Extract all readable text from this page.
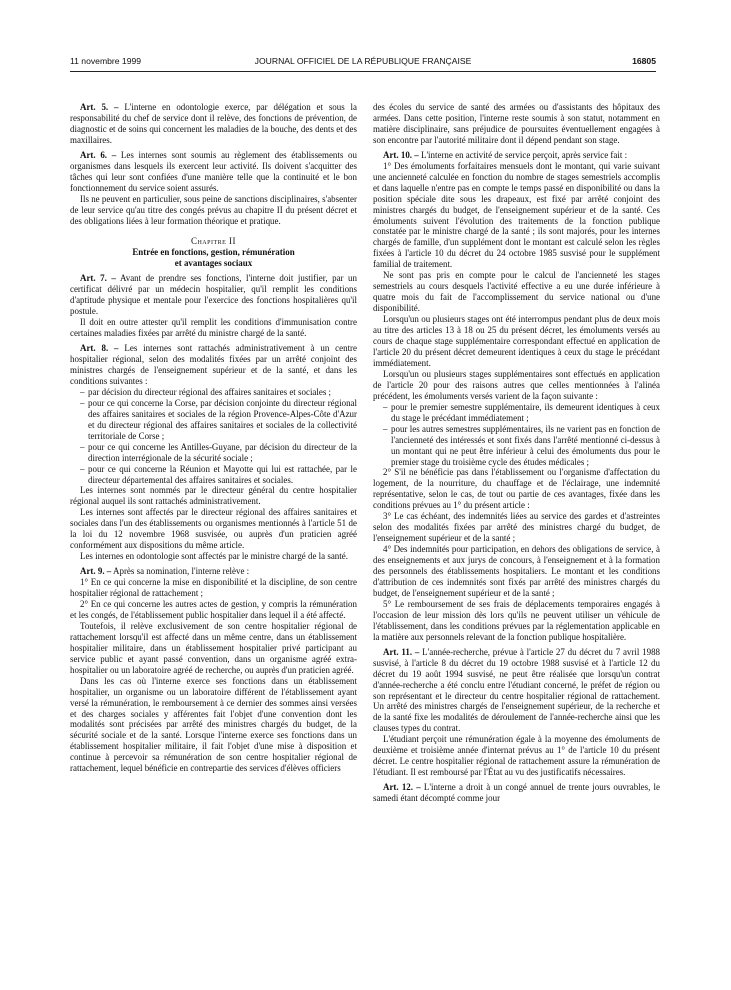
11 novembre 1999	JOURNAL OFFICIEL DE LA RÉPUBLIQUE FRANÇAISE	16805

Art. 5. – L'interne en odontologie exerce, par délégation et sous la responsabilité du chef de service dont il relève, des fonctions de prévention, de diagnostic et de soins qui concernent les maladies de la bouche, des dents et des maxillaires.

Art. 6. – Les internes sont soumis au règlement des établissements ou organismes dans lesquels ils exercent leur activité. Ils doivent s'acquitter des tâches qui leur sont confiées d'une manière telle que la continuité et le bon fonctionnement du service soient assurés.

Ils ne peuvent en particulier, sous peine de sanctions disciplinaires, s'absenter de leur service qu'au titre des congés prévus au chapitre II du présent décret et des obligations liées à leur formation théorique et pratique.

Chapitre II

Entrée en fonctions, gestion, rémunération
et avantages sociaux

Art. 7. – Avant de prendre ses fonctions, l'interne doit justifier, par un certificat délivré par un médecin hospitalier, qu'il remplit les conditions d'aptitude physique et mentale pour l'exercice des fonctions hospitalières qu'il postule.

Il doit en outre attester qu'il remplit les conditions d'immunisation contre certaines maladies fixées par arrêté du ministre chargé de la santé.

Art. 8. – Les internes sont rattachés administrativement à un centre hospitalier régional, selon des modalités fixées par un arrêté conjoint des ministres chargés de l'enseignement supérieur et de la santé, et dans les conditions suivantes :

– par décision du directeur régional des affaires sanitaires et sociales ;
– pour ce qui concerne la Corse, par décision conjointe du directeur régional des affaires sanitaires et sociales de la région Provence-Alpes-Côte d'Azur et du directeur régional des affaires sanitaires et sociales de la collectivité territoriale de Corse ;
– pour ce qui concerne les Antilles-Guyane, par décision du directeur de la direction interrégionale de la sécurité sociale ;
– pour ce qui concerne la Réunion et Mayotte qui lui est rattachée, par le directeur départemental des affaires sanitaires et sociales.

Les internes sont nommés par le directeur général du centre hospitalier régional auquel ils sont rattachés administrativement.

Les internes sont affectés par le directeur régional des affaires sanitaires et sociales dans l'un des établissements ou organismes mentionnés à l'article 51 de la loi du 12 novembre 1968 susvisée, ou auprès d'un praticien agréé conformément aux dispositions du même article.

Les internes en odontologie sont affectés par le ministre chargé de la santé.

Art. 9. – Après sa nomination, l'interne relève :

1° En ce qui concerne la mise en disponibilité et la discipline, de son centre hospitalier régional de rattachement ;

2° En ce qui concerne les autres actes de gestion, y compris la rémunération et les congés, de l'établissement public hospitalier dans lequel il a été affecté.

Toutefois, il relève exclusivement de son centre hospitalier régional de rattachement lorsqu'il est affecté dans un même centre, dans un établissement hospitalier militaire, dans un établissement hospitalier privé participant au service public et ayant passé convention, dans un organisme agréé extra-hospitalier ou un laboratoire agréé de recherche, ou auprès d'un praticien agréé.

Dans les cas où l'interne exerce ses fonctions dans un établissement hospitalier, un organisme ou un laboratoire différent de l'établissement ayant versé la rémunération, le remboursement à ce dernier des sommes ainsi versées et des charges sociales y afférentes fait l'objet d'une convention dont les modalités sont précisées par arrêté des ministres chargés du budget, de la sécurité sociale et de la santé. Lorsque l'interne exerce ses fonctions dans un établissement hospitalier militaire, il fait l'objet d'une mise à disposition et continue à percevoir sa rémunération de son centre hospitalier régional de rattachement, lequel bénéficie en contrepartie des services d'élèves officiers

des écoles du service de santé des armées ou d'assistants des hôpitaux des armées. Dans cette position, l'interne reste soumis à son statut, notamment en matière disciplinaire, sans préjudice de poursuites éventuellement engagées à son encontre par l'autorité militaire dont il dépend pendant son stage.

Art. 10. – L'interne en activité de service perçoit, après service fait :

1° Des émoluments forfaitaires mensuels dont le montant, qui varie suivant une ancienneté calculée en fonction du nombre de stages semestriels accomplis et dans laquelle n'entre pas en compte le temps passé en disponibilité ou dans la position spéciale dite sous les drapeaux, est fixé par arrêté conjoint des ministres chargés du budget, de l'enseignement supérieur et de la santé. Ces émoluments suivent l'évolution des traitements de la fonction publique constatée par le ministre chargé de la santé ; ils sont majorés, pour les internes chargés de famille, d'un supplément dont le montant est calculé selon les règles fixées à l'article 10 du décret du 24 octobre 1985 susvisé pour le supplément familial de traitement.

Ne sont pas pris en compte pour le calcul de l'ancienneté les stages semestriels au cours desquels l'activité effective a eu une durée inférieure à quatre mois du fait de l'accomplissement du service national ou d'une disponibilité.

Lorsqu'un ou plusieurs stages ont été interrompus pendant plus de deux mois au titre des articles 13 à 18 ou 25 du présent décret, les émoluments versés au cours de chaque stage supplémentaire correspondant effectué en application de l'article 20 du présent décret demeurent identiques à ceux du stage le précédant immédiatement.

Lorsqu'un ou plusieurs stages supplémentaires sont effectués en application de l'article 20 pour des raisons autres que celles mentionnées à l'alinéa précédent, les émoluments versés varient de la façon suivante :

– pour le premier semestre supplémentaire, ils demeurent identiques à ceux du stage le précédant immédiatement ;
– pour les autres semestres supplémentaires, ils ne varient pas en fonction de l'ancienneté des intéressés et sont fixés dans l'arrêté mentionné ci-dessus à un montant qui ne peut être inférieur à celui des émoluments dus pour le premier stage du troisième cycle des études médicales ;

2° S'il ne bénéficie pas dans l'établissement ou l'organisme d'affectation du logement, de la nourriture, du chauffage et de l'éclairage, une indemnité représentative, selon le cas, de tout ou partie de ces avantages, fixée dans les conditions prévues au 1° du présent article :

3° Le cas échéant, des indemnités liées au service des gardes et d'astreintes selon des modalités fixées par arrêté des ministres chargé du budget, de l'enseignement supérieur et de la santé ;

4° Des indemnités pour participation, en dehors des obligations de service, à des enseignements et aux jurys de concours, à l'enseignement et à la formation des personnels des établissements hospitaliers. Le montant et les conditions d'attribution de ces indemnités sont fixés par arrêté des ministres chargés du budget, de l'enseignement supérieur et de la santé ;

5° Le remboursement de ses frais de déplacements temporaires engagés à l'occasion de leur mission dès lors qu'ils ne peuvent utiliser un véhicule de l'établissement, dans les conditions prévues par la réglementation applicable en la matière aux personnels relevant de la fonction publique hospitalière.

Art. 11. – L'année-recherche, prévue à l'article 27 du décret du 7 avril 1988 susvisé, à l'article 8 du décret du 19 octobre 1988 susvisé et à l'article 12 du décret du 19 août 1994 susvisé, ne peut être réalisée que lorsqu'un contrat d'année-recherche a été conclu entre l'étudiant concerné, le préfet de région ou son représentant et le directeur du centre hospitalier régional de rattachement. Un arrêté des ministres chargés de l'enseignement supérieur, de la recherche et de la santé fixe les modalités de déroulement de l'année-recherche ainsi que les clauses types du contrat.

L'étudiant perçoit une rémunération égale à la moyenne des émoluments de deuxième et troisième année d'internat prévus au 1° de l'article 10 du présent décret. Le centre hospitalier régional de rattachement assure la rémunération de l'étudiant. Il est remboursé par l'État au vu des justificatifs nécessaires.

Art. 12. – L'interne a droit à un congé annuel de trente jours ouvrables, le samedi étant décompté comme jour
